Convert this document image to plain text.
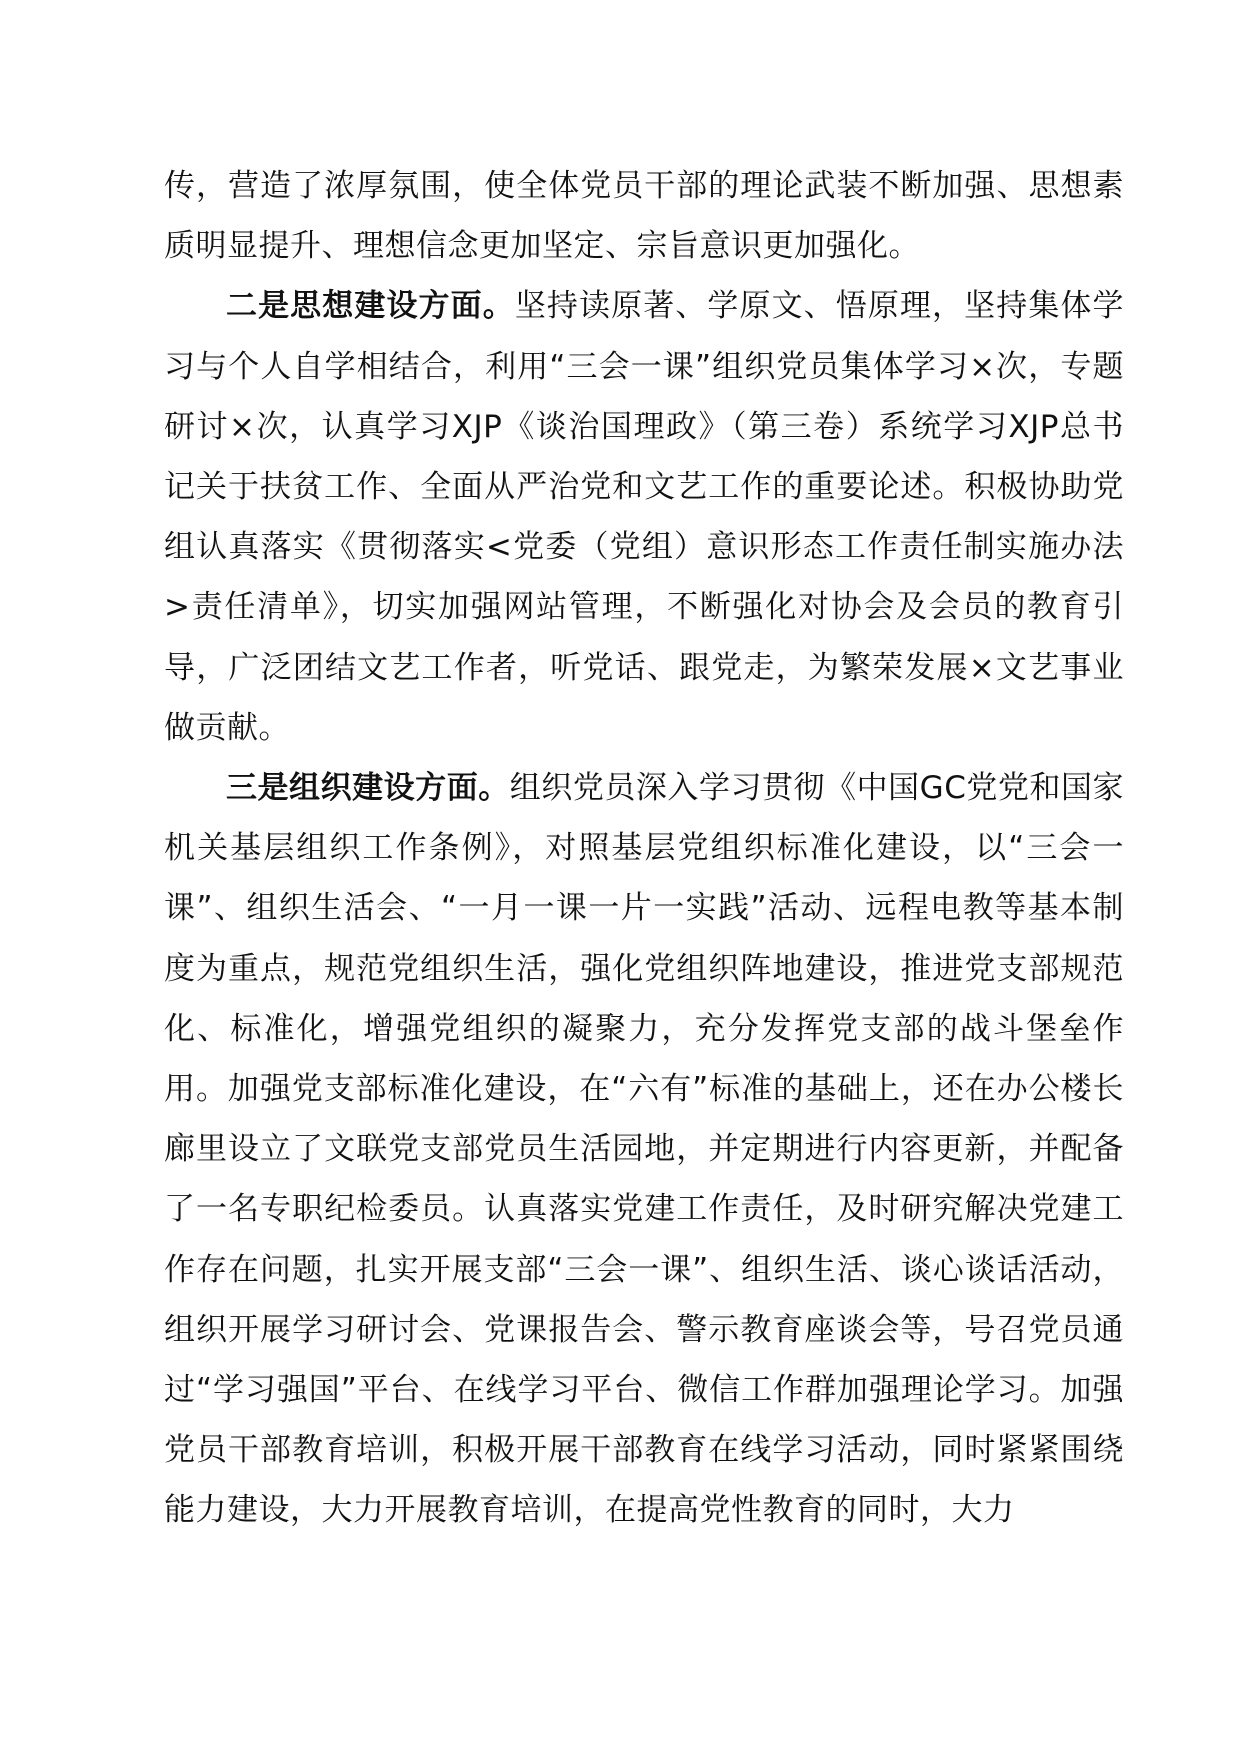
传，营造了浓厚氛围，使全体党员干部的理论武装不断加强、思想素质明显提升、理想信念更加坚定、宗旨意识更加强化。

二是思想建设方面。坚持读原著、学原文、悟原理，坚持集体学习与个人自学相结合，利用“三会一课”组织党员集体学习×次，专题研讨×次，认真学习XJP《谈治国理政》（第三卷）系统学习XJP总书记关于扶贫工作、全面从严治党和文艺工作的重要论述。积极协助党组认真落实《贯彻落实<党委（党组）意识形态工作责任制实施办法>责任清单》，切实加强网站管理，不断强化对协会及会员的教育引导，广泛团结文艺工作者，听党话、跟党走，为繁荣发展×文艺事业做贡献。

三是组织建设方面。组织党员深入学习贯彻《中国GC党党和国家机关基层组织工作条例》，对照基层党组织标准化建设，以“三会一课”、组织生活会、“一月一课一片一实践”活动、远程电教等基本制度为重点，规范党组织生活，强化党组织阵地建设，推进党支部规范化、标准化，增强党组织的凝聚力，充分发挥党支部的战斗堡垒作用。加强党支部标准化建设，在“六有”标准的基础上，还在办公楼长廊里设立了文联党支部党员生活园地，并定期进行内容更新，并配备了一名专职纪检委员。认真落实党建工作责任，及时研究解决党建工作存在问题，扎实开展支部“三会一课”、组织生活、谈心谈话活动，组织开展学习研讨会、党课报告会、警示教育座谈会等，号召党员通过“学习强国”平台、在线学习平台、微信工作群加强理论学习。加强党员干部教育培训，积极开展干部教育在线学习活动，同时紧紧围绕能力建设，大力开展教育培训，在提高党性教育的同时，大力
